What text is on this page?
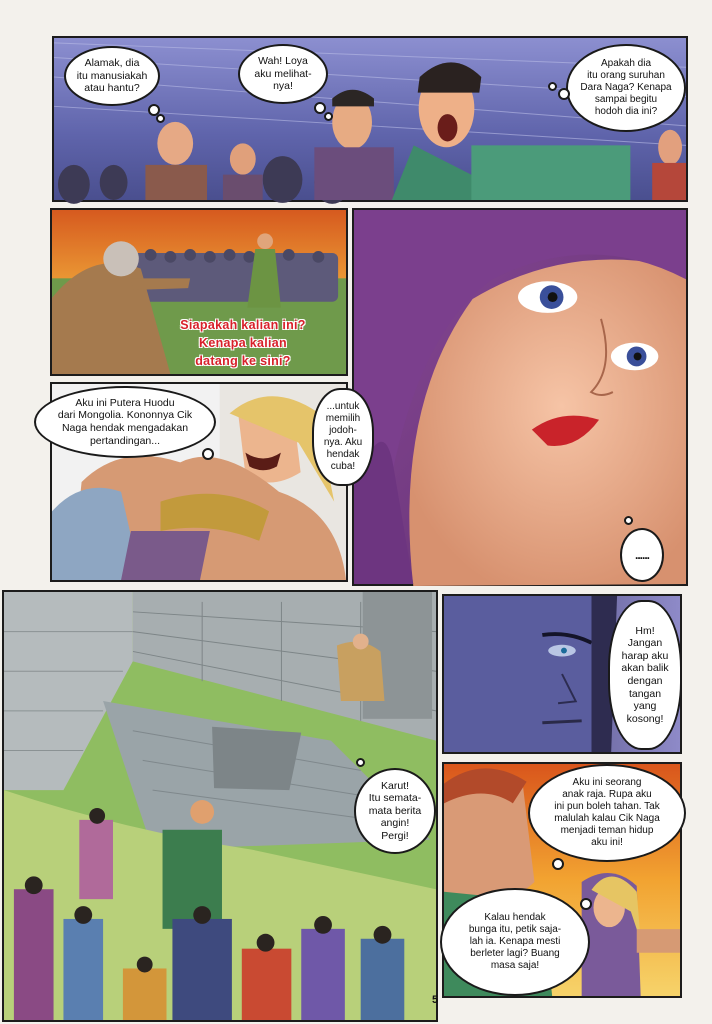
Alamak, dia
itu manusiakah
atau hantu?
Wah! Loya
aku melihat-
nya!
Apakah dia
itu orang suruhan
Dara Naga? Kenapa
sampai begitu
hodoh dia ini?
Siapakah kalian ini?
Kenapa kalian
datang ke sini?
......
Aku ini Putera Huodu
dari Mongolia. Kononnya Cik
Naga hendak mengadakan
pertandingan...
...untuk
memilih
jodoh-
nya. Aku
hendak
cuba!
Karut!
Itu semata-
mata berita
angin!
Pergi!
Hm!
Jangan
harap aku
akan balik
dengan
tangan
yang
kosong!
Aku ini seorang
anak raja. Rupa aku
ini pun boleh tahan. Tak
malulah kalau Cik Naga
menjadi teman hidup
aku ini!
Kalau hendak
bunga itu, petik saja-
lah ia. Kenapa mesti
berleter lagi? Buang
masa saja!
5
